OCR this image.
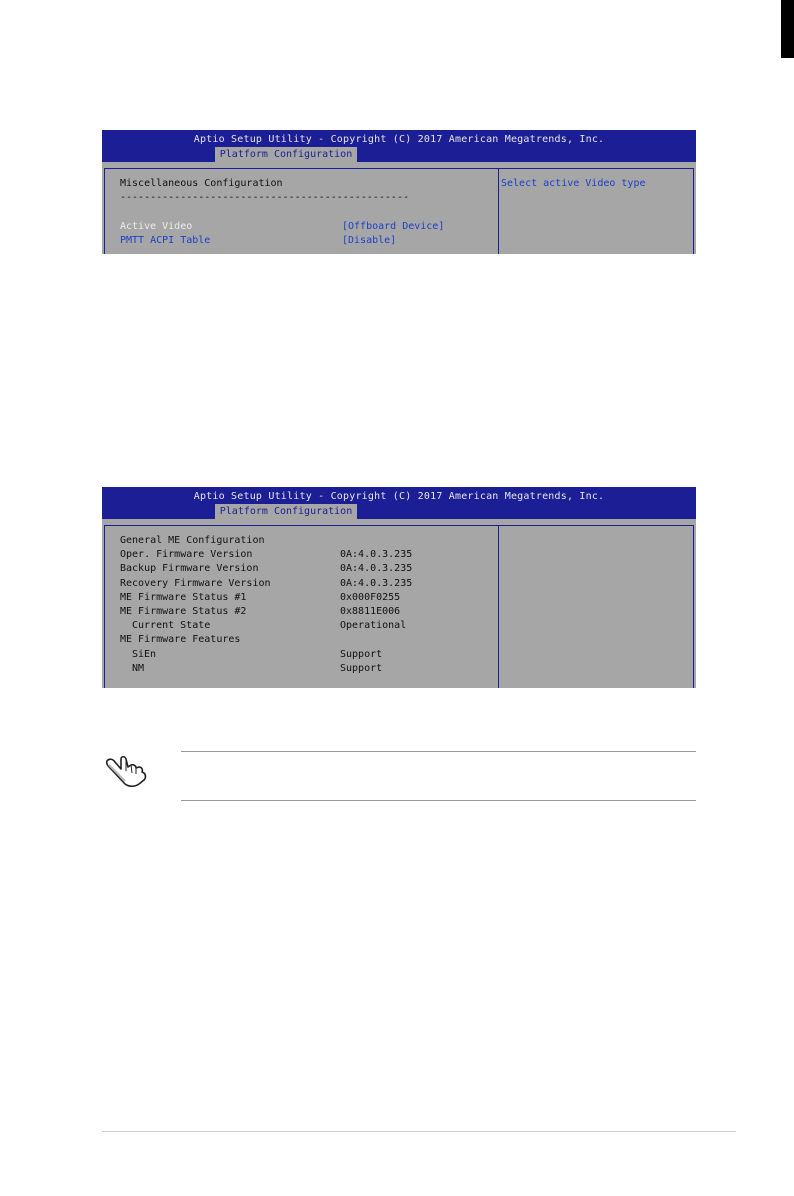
Aptio Setup Utility - Copyright (C) 2017 American Megatrends, Inc.
Platform Configuration
Miscellaneous Configuration
------------------------------------------------
Active Video	[Offboard Device]
PMTT ACPI Table	[Disable]
Select active Video type
Aptio Setup Utility - Copyright (C) 2017 American Megatrends, Inc.
Platform Configuration
General ME Configuration
Oper. Firmware Version	0A:4.0.3.235
Backup Firmware Version	0A:4.0.3.235
Recovery Firmware Version	0A:4.0.3.235
ME Firmware Status #1	0x000F0255
ME Firmware Status #2	0x8811E006
Current State	Operational
ME Firmware Features
SiEn	Support
NM	Support
